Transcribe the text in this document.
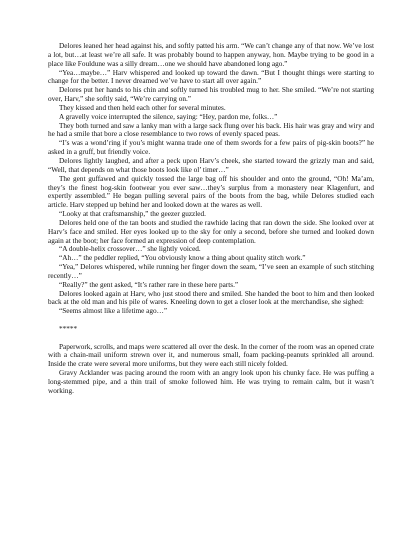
Delores leaned her head against his, and softly patted his arm. “We can’t change any of that now. We’ve lost a lot, but…at least we’re all safe. It was probably bound to happen anyway, hon. Maybe trying to be good in a place like Fouldune was a silly dream…one we should have abandoned long ago.”

“Yea…maybe…” Harv whispered and looked up toward the dawn. “But I thought things were starting to change for the better. I never dreamed we’ve have to start all over again.”

Delores put her hands to his chin and softly turned his troubled mug to her. She smiled. “We’re not starting over, Harv,” she softly said, “We’re carrying on.”

They kissed and then held each other for several minutes.

A gravelly voice interrupted the silence, saying: “Hey, pardon me, folks…”

They both turned and saw a lanky man with a large sack flung over his back. His hair was gray and wiry and he had a smile that bore a close resemblance to two rows of evenly spaced peas.

“I’s was a wond’ring if you’s might wanna trade one of them swords for a few pairs of pig-skin boots?” he asked in a gruff, but friendly voice.

Delores lightly laughed, and after a peck upon Harv’s cheek, she started toward the grizzly man and said, “Well, that depends on what those boots look like ol’ timer…”

The gent guffawed and quickly tossed the large bag off his shoulder and onto the ground, “Oh! Ma’am, they’s the finest hog-skin footwear you ever saw…they’s surplus from a monastery near Klagenfurt, and expertly assembled.” He began pulling several pairs of the boots from the bag, while Delores studied each article. Harv stepped up behind her and looked down at the wares as well.

“Looky at that craftsmanship,” the geezer guzzled.

Delores held one of the tan boots and studied the rawhide lacing that ran down the side. She looked over at Harv’s face and smiled. Her eyes looked up to the sky for only a second, before she turned and looked down again at the boot; her face formed an expression of deep contemplation.

“A double-helix crossover…” she lightly voiced.

“Ah…” the peddler replied, “You obviously know a thing about quality stitch work.”

“Yea,” Delores whispered, while running her finger down the seam, “I’ve seen an example of such stitching recently…”

“Really?” the gent asked, “It’s rather rare in these here parts.”

Delores looked again at Harv, who just stood there and smiled. She handed the boot to him and then looked back at the old man and his pile of wares. Kneeling down to get a closer look at the merchandise, she sighed:

“Seems almost like a lifetime ago…”

*****

Paperwork, scrolls, and maps were scattered all over the desk. In the corner of the room was an opened crate with a chain-mail uniform strewn over it, and numerous small, foam packing-peanuts sprinkled all around. Inside the crate were several more uniforms, but they were each still nicely folded.

Gravy Acklander was pacing around the room with an angry look upon his chunky face. He was puffing a long-stemmed pipe, and a thin trail of smoke followed him. He was trying to remain calm, but it wasn’t working.
